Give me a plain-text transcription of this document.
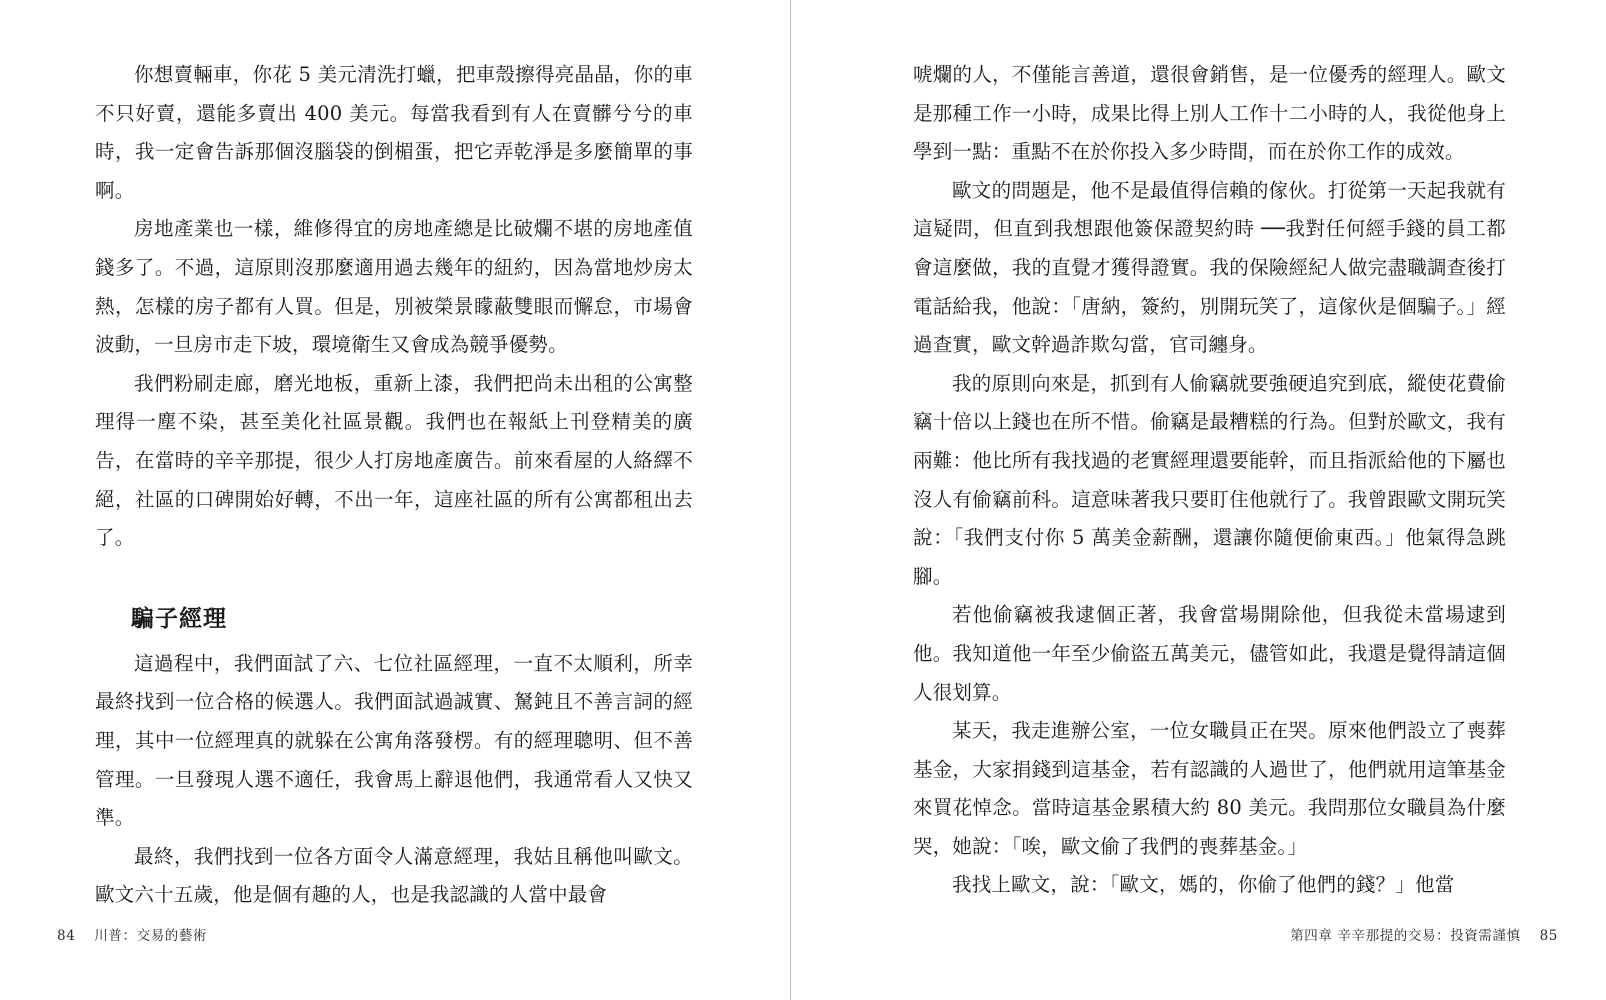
你想賣輛車，你花 5 美元清洗打蠟，把車殼擦得亮晶晶，你的車不只好賣，還能多賣出 400 美元。每當我看到有人在賣髒兮兮的車時，我一定會告訴那個沒腦袋的倒楣蛋，把它弄乾淨是多麼簡單的事啊。

房地產業也一樣，維修得宜的房地產總是比破爛不堪的房地產值錢多了。不過，這原則沒那麼適用過去幾年的紐約，因為當地炒房太熱，怎樣的房子都有人買。但是，別被榮景矇蔽雙眼而懈怠，市場會波動，一旦房市走下坡，環境衛生又會成為競爭優勢。

我們粉刷走廊，磨光地板，重新上漆，我們把尚未出租的公寓整理得一塵不染，甚至美化社區景觀。我們也在報紙上刊登精美的廣告，在當時的辛辛那提，很少人打房地產廣告。前來看屋的人絡繹不絕，社區的口碑開始好轉，不出一年，這座社區的所有公寓都租出去了。

騙子經理

這過程中，我們面試了六、七位社區經理，一直不太順利，所幸最終找到一位合格的候選人。我們面試過誠實、駑鈍且不善言詞的經理，其中一位經理真的就躲在公寓角落發楞。有的經理聰明、但不善管理。一旦發現人選不適任，我會馬上辭退他們，我通常看人又快又準。

最終，我們找到一位各方面令人滿意經理，我姑且稱他叫歐文。歐文六十五歲，他是個有趣的人，也是我認識的人當中最會

84 川普：交易的藝術

唬爛的人，不僅能言善道，還很會銷售，是一位優秀的經理人。歐文是那種工作一小時，成果比得上別人工作十二小時的人，我從他身上學到一點：重點不在於你投入多少時間，而在於你工作的成效。

歐文的問題是，他不是最值得信賴的傢伙。打從第一天起我就有這疑問，但直到我想跟他簽保證契約時 ──我對任何經手錢的員工都會這麼做，我的直覺才獲得證實。我的保險經紀人做完盡職調查後打電話給我，他說：「唐納，簽約，別開玩笑了，這傢伙是個騙子。」經過查實，歐文幹過詐欺勾當，官司纏身。

我的原則向來是，抓到有人偷竊就要強硬追究到底，縱使花費偷竊十倍以上錢也在所不惜。偷竊是最糟糕的行為。但對於歐文，我有兩難：他比所有我找過的老實經理還要能幹，而且指派給他的下屬也沒人有偷竊前科。這意味著我只要盯住他就行了。我曾跟歐文開玩笑說：「我們支付你 5 萬美金薪酬，還讓你隨便偷東西。」他氣得急跳腳。

若他偷竊被我逮個正著，我會當場開除他，但我從未當場逮到他。我知道他一年至少偷盜五萬美元，儘管如此，我還是覺得請這個人很划算。

某天，我走進辦公室，一位女職員正在哭。原來他們設立了喪葬基金，大家捐錢到這基金，若有認識的人過世了，他們就用這筆基金來買花悼念。當時這基金累積大約 80 美元。我問那位女職員為什麼哭，她說：「唉，歐文偷了我們的喪葬基金。」

我找上歐文，說：「歐文，媽的，你偷了他們的錢？」他當

第四章 辛辛那提的交易：投資需謹慎 85
